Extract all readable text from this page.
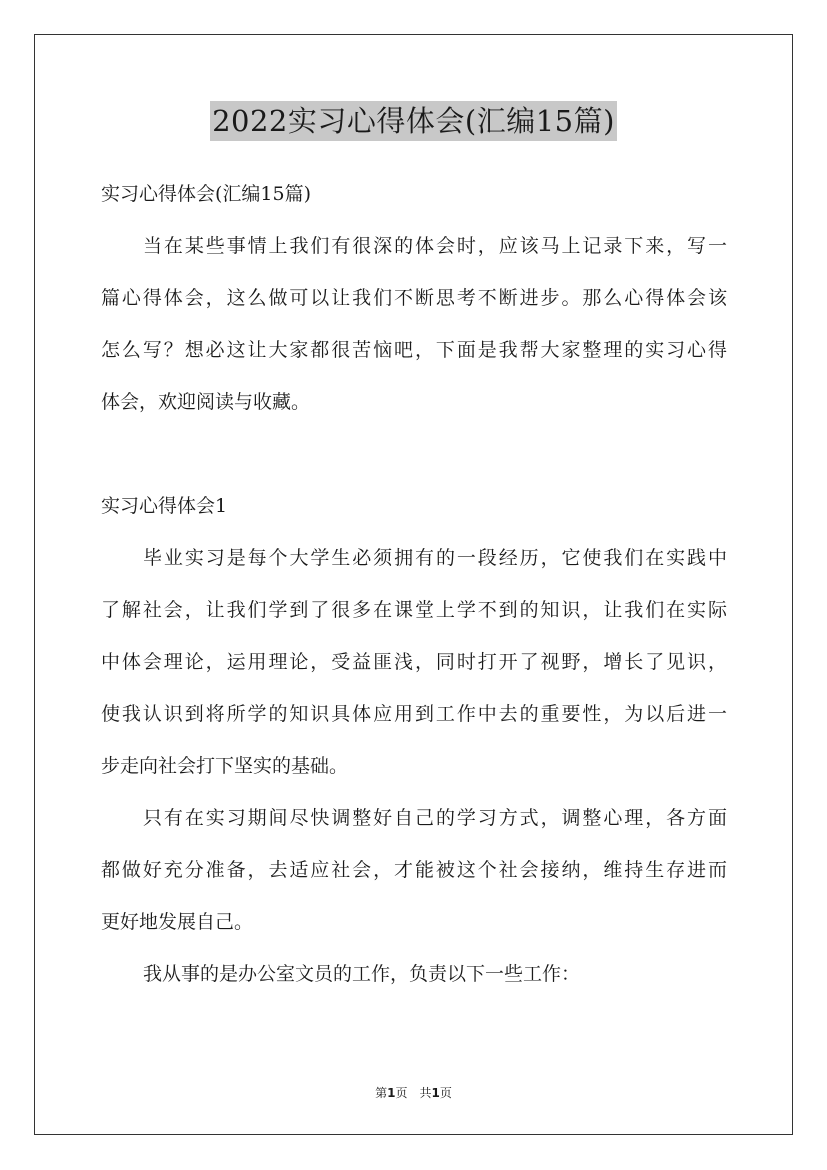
2022实习心得体会(汇编15篇)
实习心得体会(汇编15篇)
当在某些事情上我们有很深的体会时，应该马上记录下来，写一
篇心得体会，这么做可以让我们不断思考不断进步。那么心得体会该
怎么写？想必这让大家都很苦恼吧，下面是我帮大家整理的实习心得
体会，欢迎阅读与收藏。
实习心得体会1
毕业实习是每个大学生必须拥有的一段经历，它使我们在实践中
了解社会，让我们学到了很多在课堂上学不到的知识，让我们在实际
中体会理论，运用理论，受益匪浅，同时打开了视野，增长了见识，
使我认识到将所学的知识具体应用到工作中去的重要性，为以后进一
步走向社会打下坚实的基础。
只有在实习期间尽快调整好自己的学习方式，调整心理，各方面
都做好充分准备，去适应社会，才能被这个社会接纳，维持生存进而
更好地发展自己。
我从事的是办公室文员的工作，负责以下一些工作：
第1页　共1页
